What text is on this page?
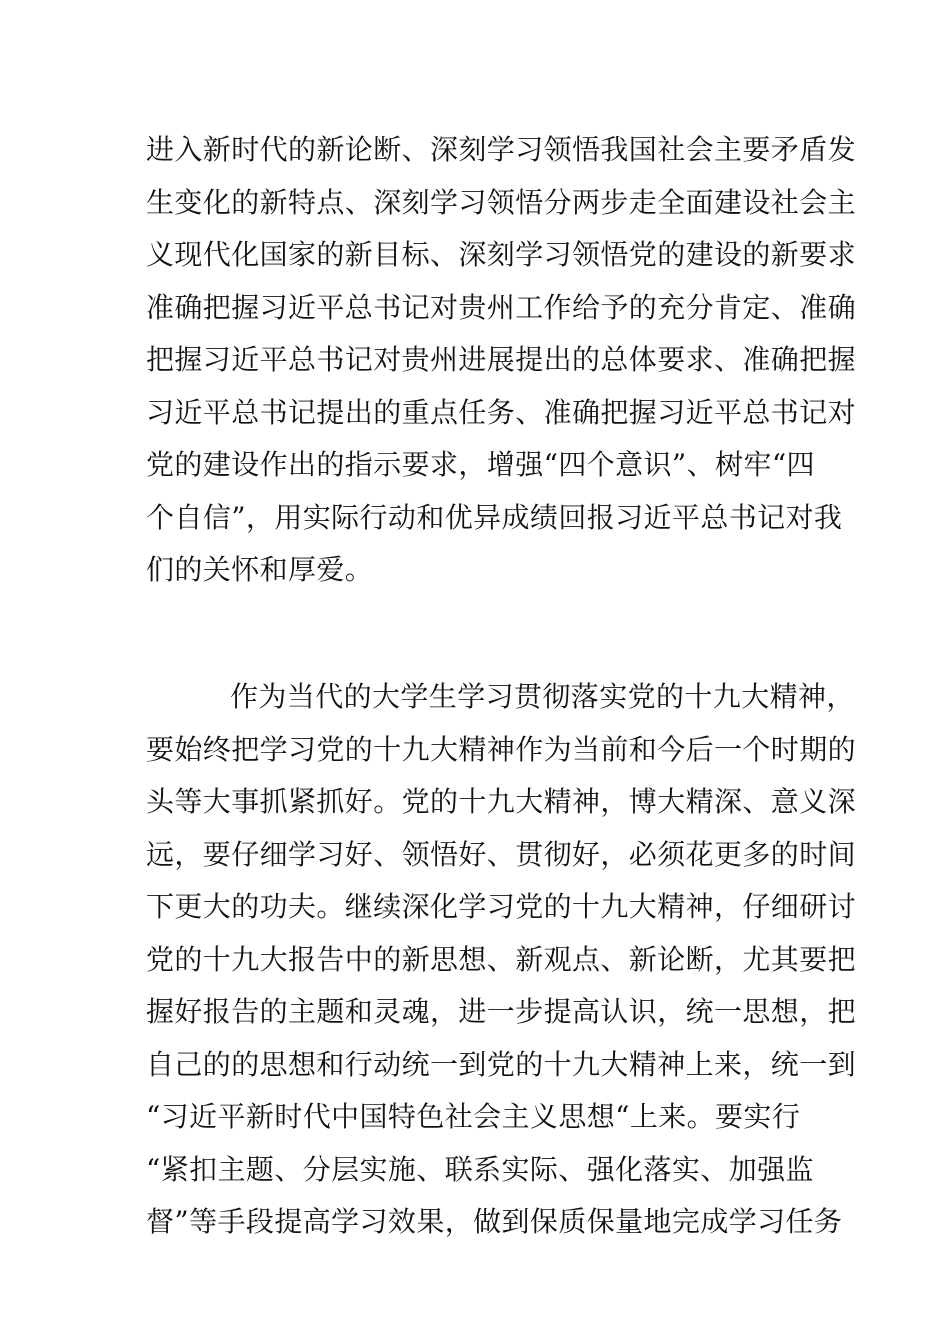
进入新时代的新论断、深刻学习领悟我国社会主要矛盾发
生变化的新特点、深刻学习领悟分两步走全面建设社会主
义现代化国家的新目标、深刻学习领悟党的建设的新要求
准确把握习近平总书记对贵州工作给予的充分肯定、准确
把握习近平总书记对贵州进展提出的总体要求、准确把握
习近平总书记提出的重点任务、准确把握习近平总书记对
党的建设作出的指示要求，增强“四个意识”、树牢“四
个自信”，用实际行动和优异成绩回报习近平总书记对我
们的关怀和厚爱。
作为当代的大学生学习贯彻落实党的十九大精神，
要始终把学习党的十九大精神作为当前和今后一个时期的
头等大事抓紧抓好。党的十九大精神，博大精深、意义深
远，要仔细学习好、领悟好、贯彻好，必须花更多的时间
下更大的功夫。继续深化学习党的十九大精神，仔细研讨
党的十九大报告中的新思想、新观点、新论断，尤其要把
握好报告的主题和灵魂，进一步提高认识，统一思想，把
自己的的思想和行动统一到党的十九大精神上来，统一到
“习近平新时代中国特色社会主义思想“上来。要实行
“紧扣主题、分层实施、联系实际、强化落实、加强监
督”等手段提高学习效果，做到保质保量地完成学习任务
